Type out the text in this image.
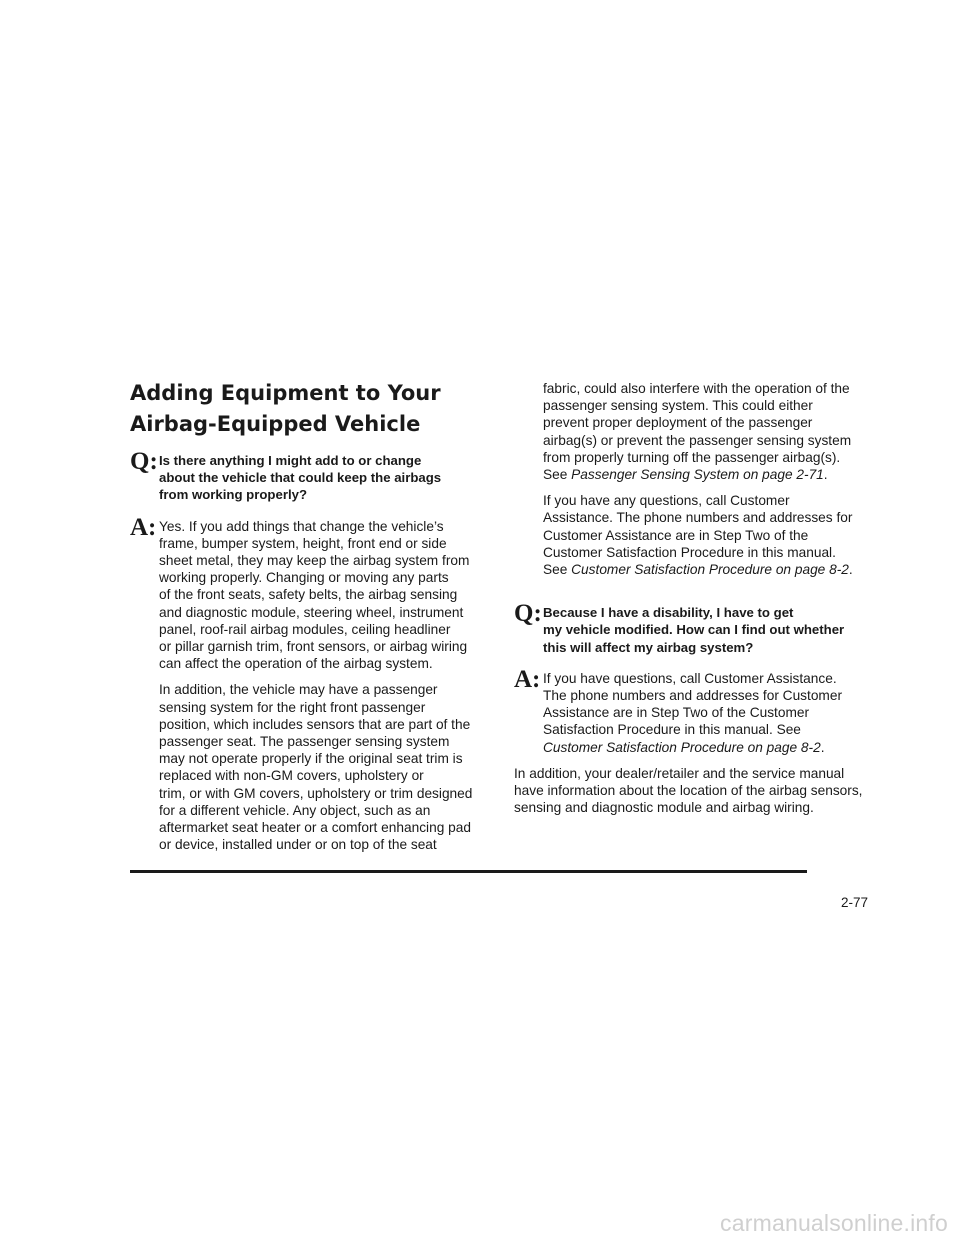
Adding Equipment to Your
Airbag-Equipped Vehicle
Q: Is there anything I might add to or change
about the vehicle that could keep the airbags
from working properly?

A: Yes. If you add things that change the vehicle’s
frame, bumper system, height, front end or side
sheet metal, they may keep the airbag system from
working properly. Changing or moving any parts
of the front seats, safety belts, the airbag sensing
and diagnostic module, steering wheel, instrument
panel, roof-rail airbag modules, ceiling headliner
or pillar garnish trim, front sensors, or airbag wiring
can affect the operation of the airbag system.

In addition, the vehicle may have a passenger
sensing system for the right front passenger
position, which includes sensors that are part of the
passenger seat. The passenger sensing system
may not operate properly if the original seat trim is
replaced with non-GM covers, upholstery or
trim, or with GM covers, upholstery or trim designed
for a different vehicle. Any object, such as an
aftermarket seat heater or a comfort enhancing pad
or device, installed under or on top of the seat

fabric, could also interfere with the operation of the
passenger sensing system. This could either
prevent proper deployment of the passenger
airbag(s) or prevent the passenger sensing system
from properly turning off the passenger airbag(s).
See Passenger Sensing System on page 2-71.

If you have any questions, call Customer
Assistance. The phone numbers and addresses for
Customer Assistance are in Step Two of the
Customer Satisfaction Procedure in this manual.
See Customer Satisfaction Procedure on page 8-2.

Q: Because I have a disability, I have to get
my vehicle modified. How can I find out whether
this will affect my airbag system?

A: If you have questions, call Customer Assistance.
The phone numbers and addresses for Customer
Assistance are in Step Two of the Customer
Satisfaction Procedure in this manual. See
Customer Satisfaction Procedure on page 8-2.

In addition, your dealer/retailer and the service manual
have information about the location of the airbag sensors,
sensing and diagnostic module and airbag wiring.

2-77
carmanualsonline.info
